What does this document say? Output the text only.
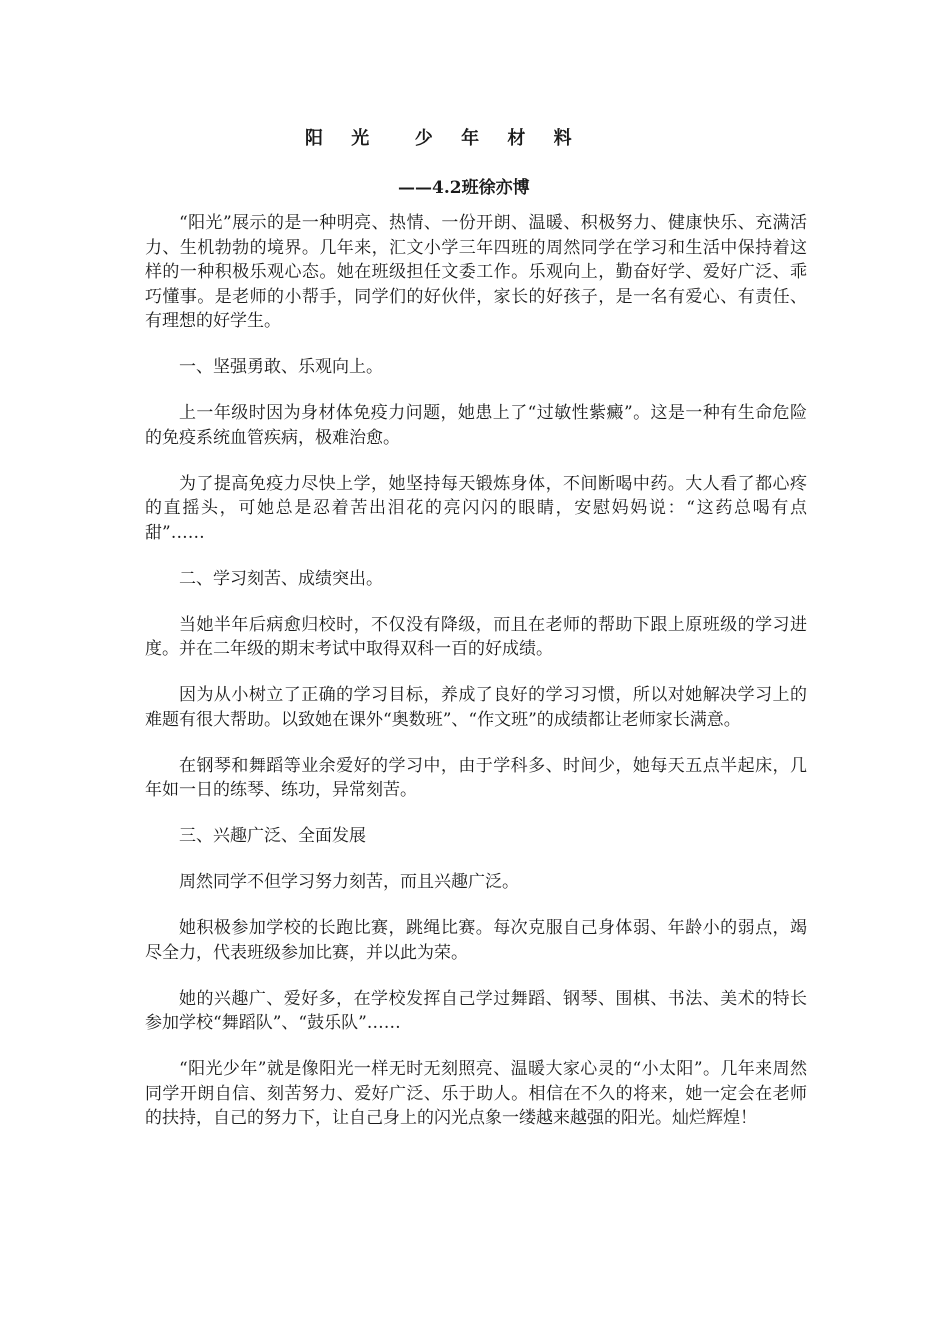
阳 光  少 年 材 料
——4.2班徐亦博

“阳光”展示的是一种明亮、热情、一份开朗、温暖、积极努力、健康快乐、充满活力、生机勃勃的境界。几年来，汇文小学三年四班的周然同学在学习和生活中保持着这样的一种积极乐观心态。她在班级担任文委工作。乐观向上，勤奋好学、爱好广泛、乖巧懂事。是老师的小帮手，同学们的好伙伴，家长的好孩子，是一名有爱心、有责任、有理想的好学生。

一、坚强勇敢、乐观向上。

上一年级时因为身材体免疫力问题，她患上了“过敏性紫癜”。这是一种有生命危险的免疫系统血管疾病，极难治愈。

为了提高免疫力尽快上学，她坚持每天锻炼身体，不间断喝中药。大人看了都心疼的直摇头，可她总是忍着苦出泪花的亮闪闪的眼睛，安慰妈妈说：“这药总喝有点甜”……

二、学习刻苦、成绩突出。

当她半年后病愈归校时，不仅没有降级，而且在老师的帮助下跟上原班级的学习进度。并在二年级的期末考试中取得双科一百的好成绩。

因为从小树立了正确的学习目标，养成了良好的学习习惯，所以对她解决学习上的难题有很大帮助。以致她在课外“奥数班”、“作文班”的成绩都让老师家长满意。

在钢琴和舞蹈等业余爱好的学习中，由于学科多、时间少，她每天五点半起床，几年如一日的练琴、练功，异常刻苦。

三、兴趣广泛、全面发展

周然同学不但学习努力刻苦，而且兴趣广泛。

她积极参加学校的长跑比赛，跳绳比赛。每次克服自己身体弱、年龄小的弱点，竭尽全力，代表班级参加比赛，并以此为荣。

她的兴趣广、爱好多，在学校发挥自己学过舞蹈、钢琴、围棋、书法、美术的特长参加学校“舞蹈队”、“鼓乐队”……

“阳光少年”就是像阳光一样无时无刻照亮、温暖大家心灵的“小太阳”。几年来周然同学开朗自信、刻苦努力、爱好广泛、乐于助人。相信在不久的将来，她一定会在老师的扶持，自己的努力下，让自己身上的闪光点象一缕越来越强的阳光。灿烂辉煌！
